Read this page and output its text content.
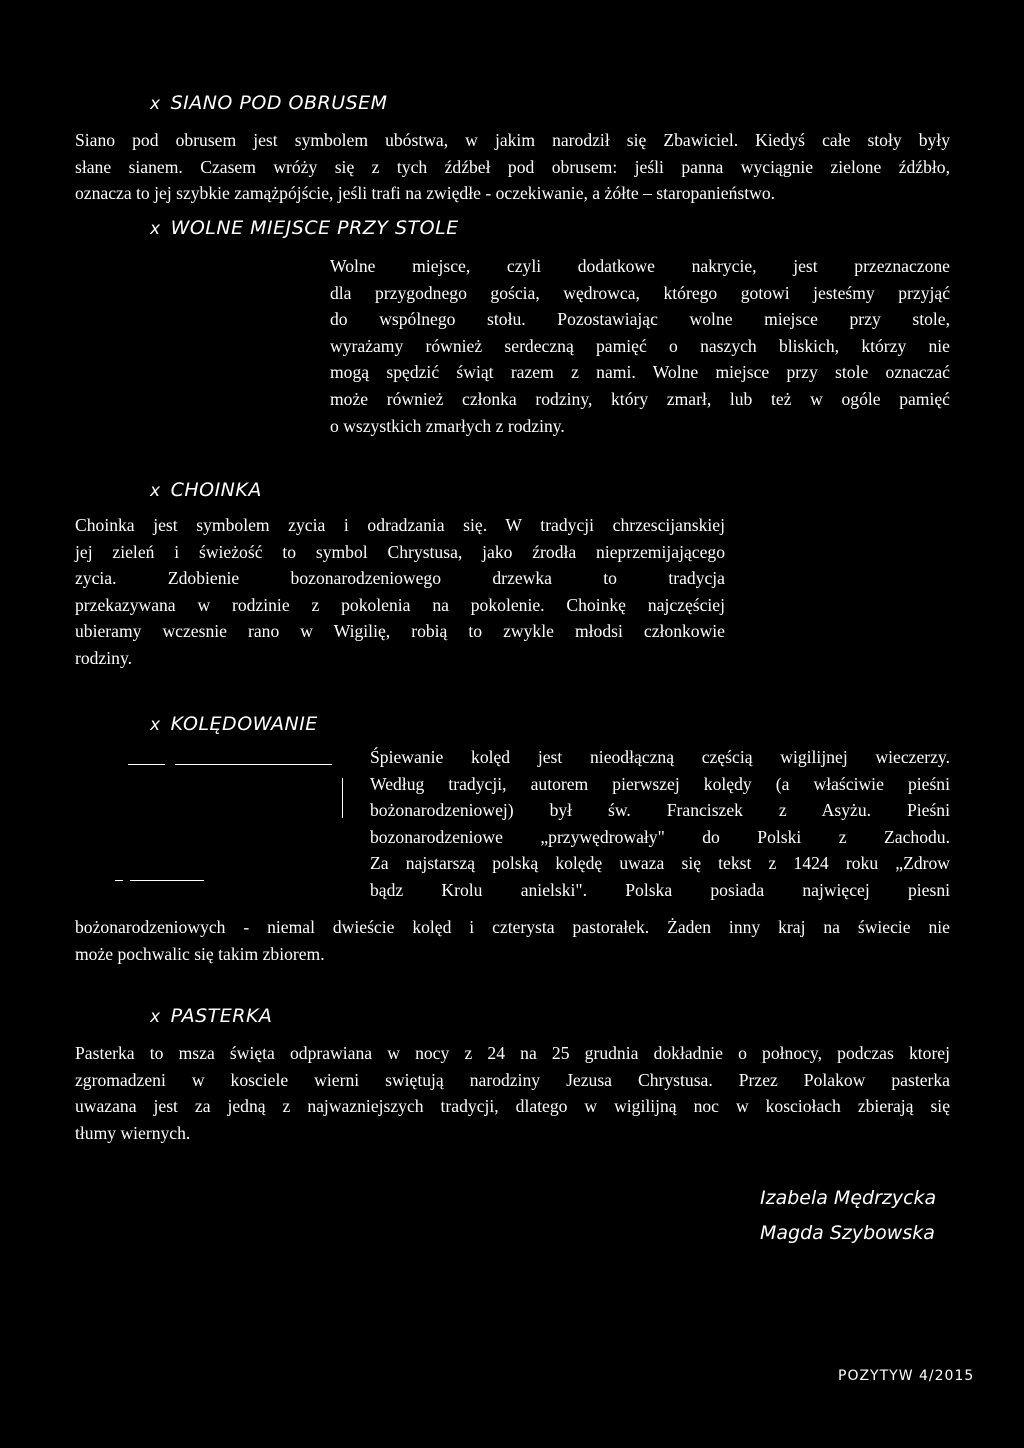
x SIANO POD OBRUSEM
Siano pod obrusem jest symbolem ubóstwa, w jakim narodził się Zbawiciel. Kiedyś całe stoły były
słane sianem. Czasem wróży się z tych źdźbeł pod obrusem: jeśli panna wyciągnie zielone źdźbło,
oznacza to jej szybkie zamążpójście, jeśli trafi na zwiędłe - oczekiwanie, a żółte – staropanieństwo.
x WOLNE MIEJSCE PRZY STOLE
Wolne miejsce, czyli dodatkowe nakrycie, jest przeznaczone
dla przygodnego gościa, wędrowca, którego gotowi jesteśmy przyjąć
do wspólnego stołu. Pozostawiając wolne miejsce przy stole,
wyrażamy również serdeczną pamięć o naszych bliskich, którzy nie
mogą spędzić świąt razem z nami. Wolne miejsce przy stole oznaczać
może również członka rodziny, który zmarł, lub też w ogóle pamięć
o wszystkich zmarłych z rodziny.
x CHOINKA
Choinka jest symbolem zycia i odradzania się. W tradycji chrzescijanskiej
jej zieleń i świeżość to symbol Chrystusa, jako źrodła nieprzemijającego
zycia. Zdobienie bozonarodzeniowego drzewka to tradycja
przekazywana w rodzinie z pokolenia na pokolenie. Choinkę najczęściej
ubieramy wczesnie rano w Wigilię, robią to zwykle młodsi członkowie
rodziny.
x KOLĘDOWANIE
Śpiewanie kolęd jest nieodłączną częścią wigilijnej wieczerzy.
Według tradycji, autorem pierwszej kolędy (a właściwie pieśni
bożonarodzeniowej) był św. Franciszek z Asyżu. Pieśni
bozonarodzeniowe „przywędrowały" do Polski z Zachodu.
Za najstarszą polską kolędę uwaza się tekst z 1424 roku „Zdrow
bądz Krolu anielski". Polska posiada najwięcej piesni
bożonarodzeniowych - niemal dwieście kolęd i czterysta pastorałek. Żaden inny kraj na świecie nie
może pochwalic się takim zbiorem.
x PASTERKA
Pasterka to msza święta odprawiana w nocy z 24 na 25 grudnia dokładnie o połnocy, podczas ktorej
zgromadzeni w kosciele wierni swiętują narodziny Jezusa Chrystusa. Przez Polakow pasterka
uwazana jest za jedną z najwazniejszych tradycji, dlatego w wigilijną noc w kosciołach zbierają się
tłumy wiernych.
Izabela Mędrzycka
Magda Szybowska
POZYTYW 4/2015
